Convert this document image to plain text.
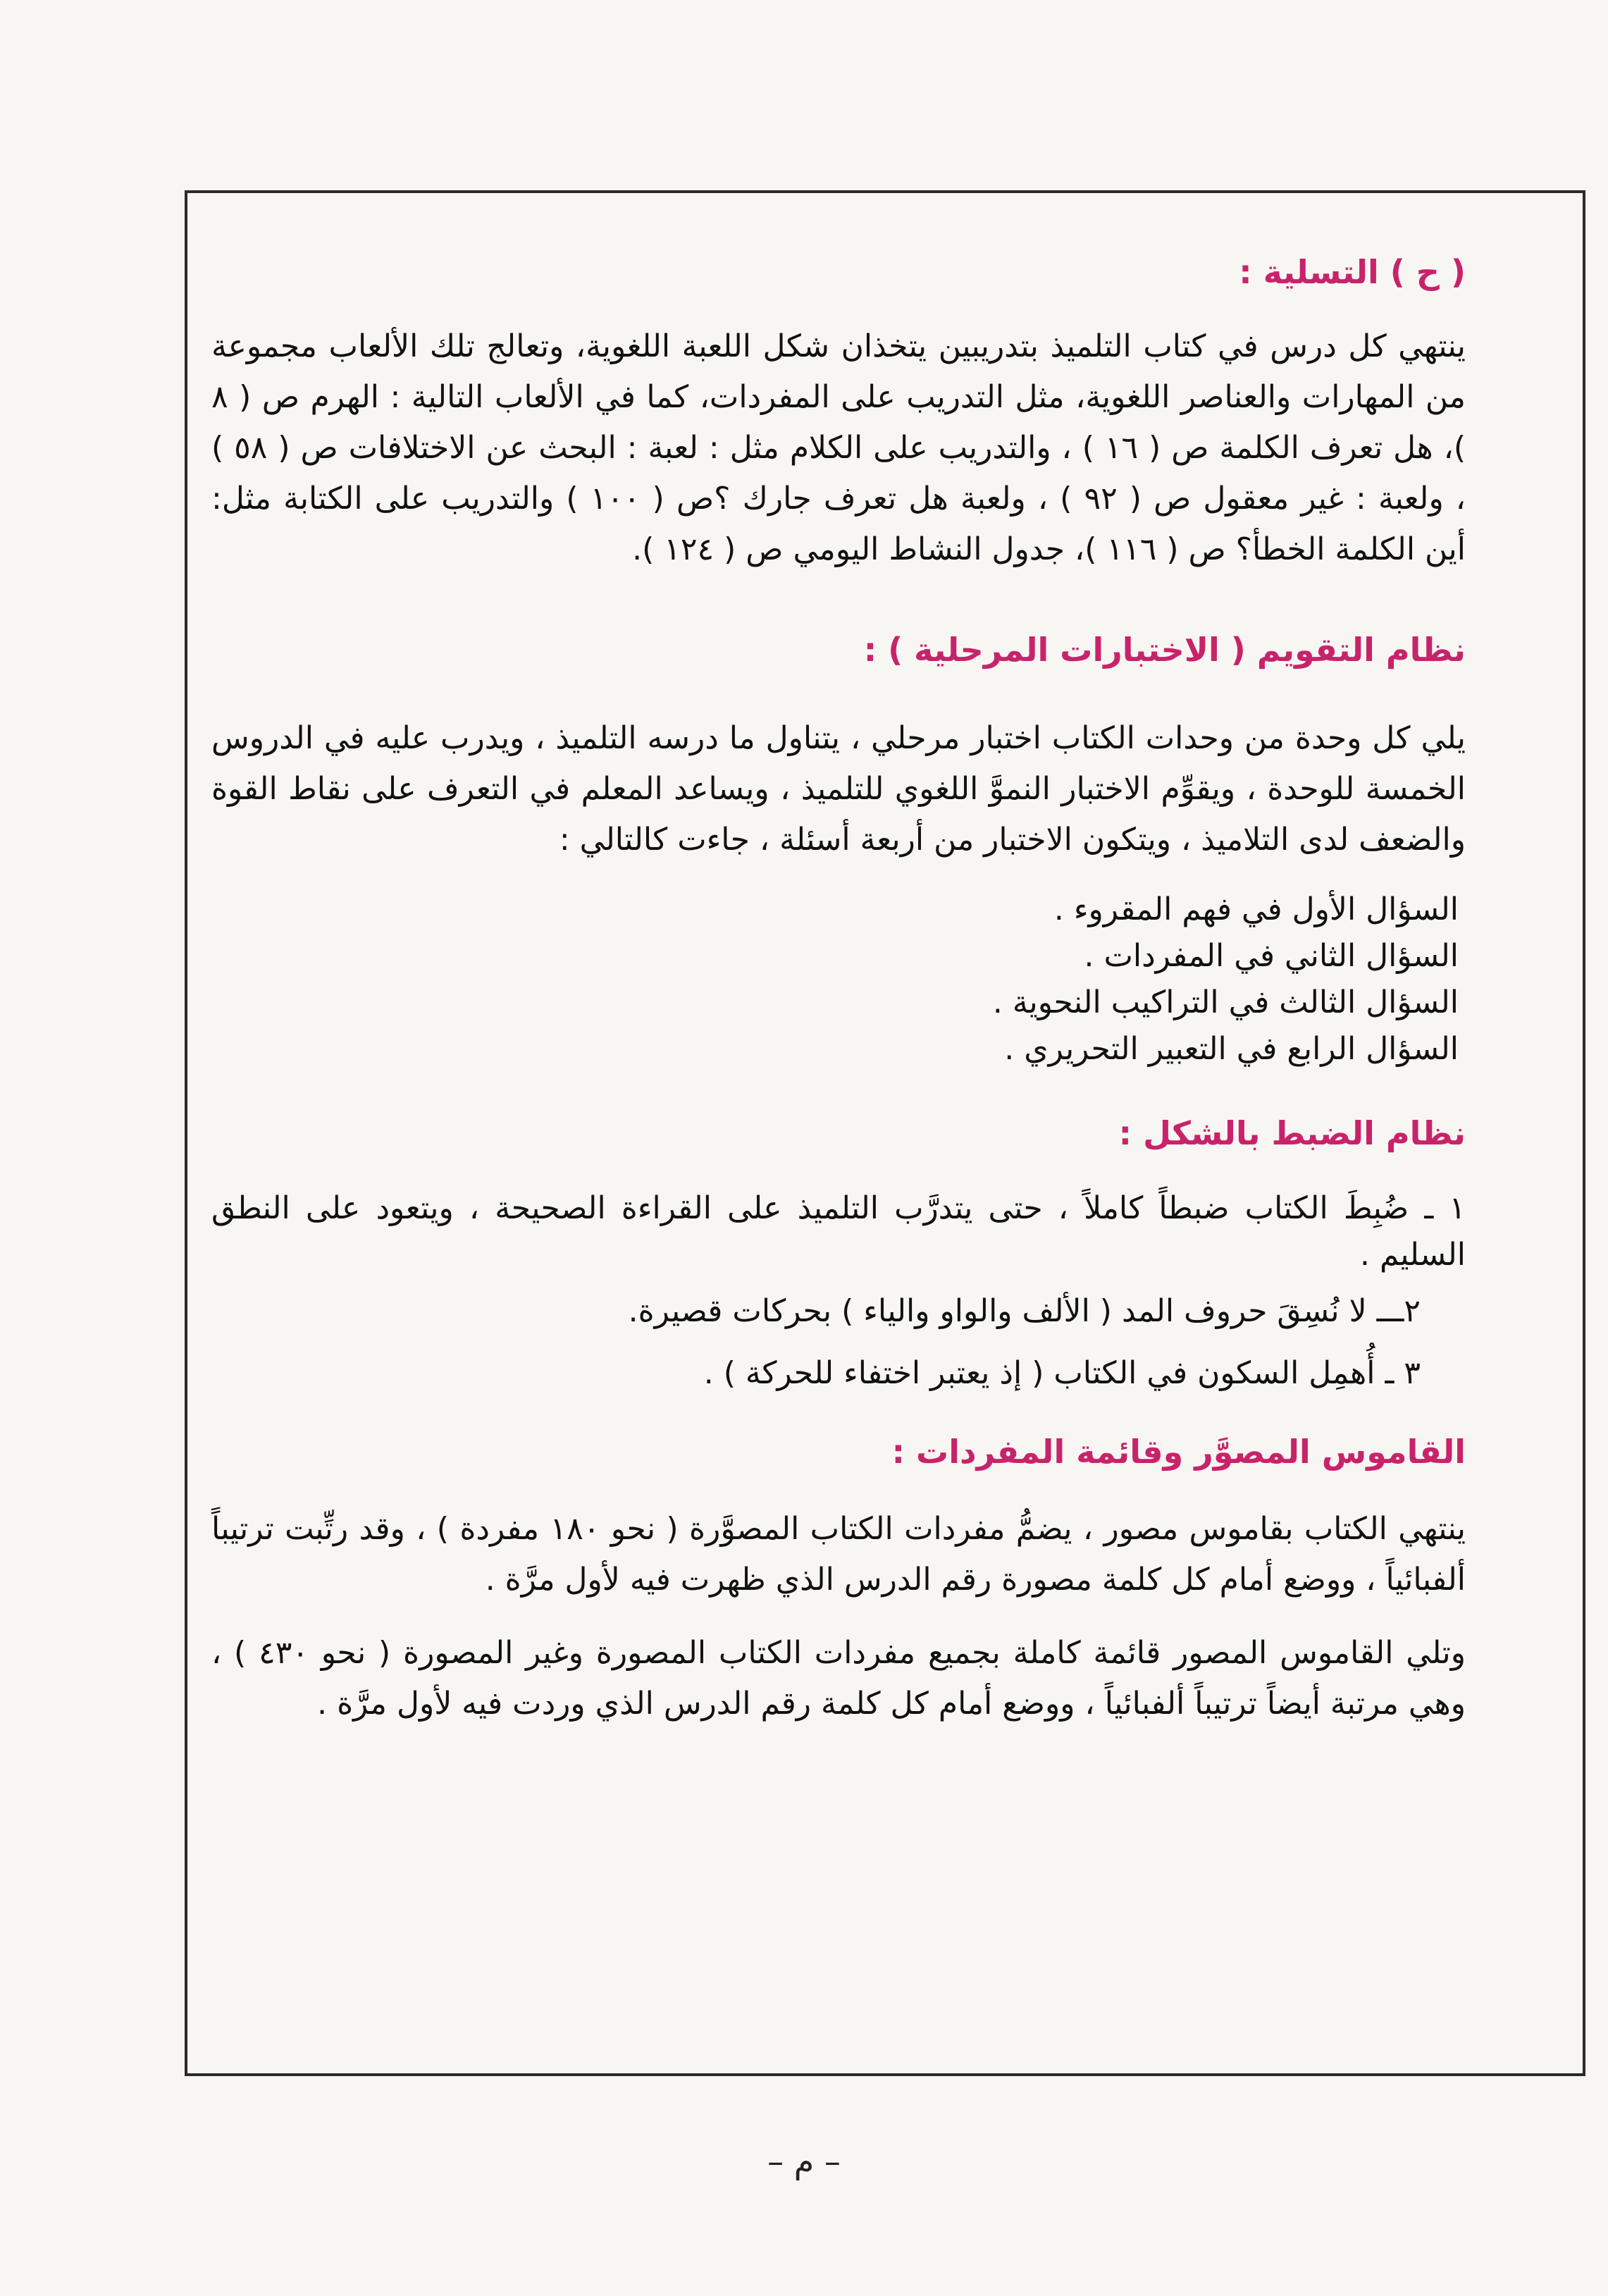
( ح ) التسلية :

ينتهي كل درس في كتاب التلميذ بتدريبين يتخذان شكل اللعبة اللغوية، وتعالج تلك الألعاب مجموعة من المهارات والعناصر اللغوية، مثل التدريب على المفردات، كما في الألعاب التالية : الهرم ص ( ٨ )، هل تعرف الكلمة ص ( ١٦ ) ، والتدريب على الكلام مثل : لعبة : البحث عن الاختلافات ص ( ٥٨ ) ، ولعبة : غير معقول ص ( ٩٢ ) ، ولعبة هل تعرف جارك ؟ص ( ١٠٠ ) والتدريب على الكتابة مثل: أين الكلمة الخطأ؟ ص ( ١١٦ )، جدول النشاط اليومي ص ( ١٢٤ ).

نظام التقويم ( الاختبارات المرحلية ) :

يلي كل وحدة من وحدات الكتاب اختبار مرحلي ، يتناول ما درسه التلميذ ، ويدرب عليه في الدروس الخمسة للوحدة ، ويقوِّم الاختبار النموَّ اللغوي للتلميذ ، ويساعد المعلم في التعرف على نقاط القوة والضعف لدى التلاميذ ، ويتكون الاختبار من أربعة أسئلة ، جاءت كالتالي :

السؤال الأول في فهم المقروء .
السؤال الثاني في المفردات .
السؤال الثالث في التراكيب النحوية .
السؤال الرابع في التعبير التحريري .
نظام الضبط بالشكل :

١ ـ ضُبِطَ الكتاب ضبطاً كاملاً ، حتى يتدرَّب التلميذ على القراءة الصحيحة ، ويتعود على النطق السليم .

٢ـــ لا نُسِقَ حروف المد ( الألف والواو والياء ) بحركات قصيرة.

٣ ـ أُهمِل السكون في الكتاب ( إذ يعتبر اختفاء للحركة ) .

القاموس المصوَّر وقائمة المفردات :

ينتهي الكتاب بقاموس مصور ، يضمُّ مفردات الكتاب المصوَّرة ( نحو ١٨٠ مفردة ) ، وقد رتِّبت ترتيباً ألفبائياً ، ووضع أمام كل كلمة مصورة رقم الدرس الذي ظهرت فيه لأول مرَّة .

وتلي القاموس المصور قائمة كاملة بجميع مفردات الكتاب المصورة وغير المصورة ( نحو ٤٣٠ ) ، وهي مرتبة أيضاً ترتيباً ألفبائياً ، ووضع أمام كل كلمة رقم الدرس الذي وردت فيه لأول مرَّة .

– م –
